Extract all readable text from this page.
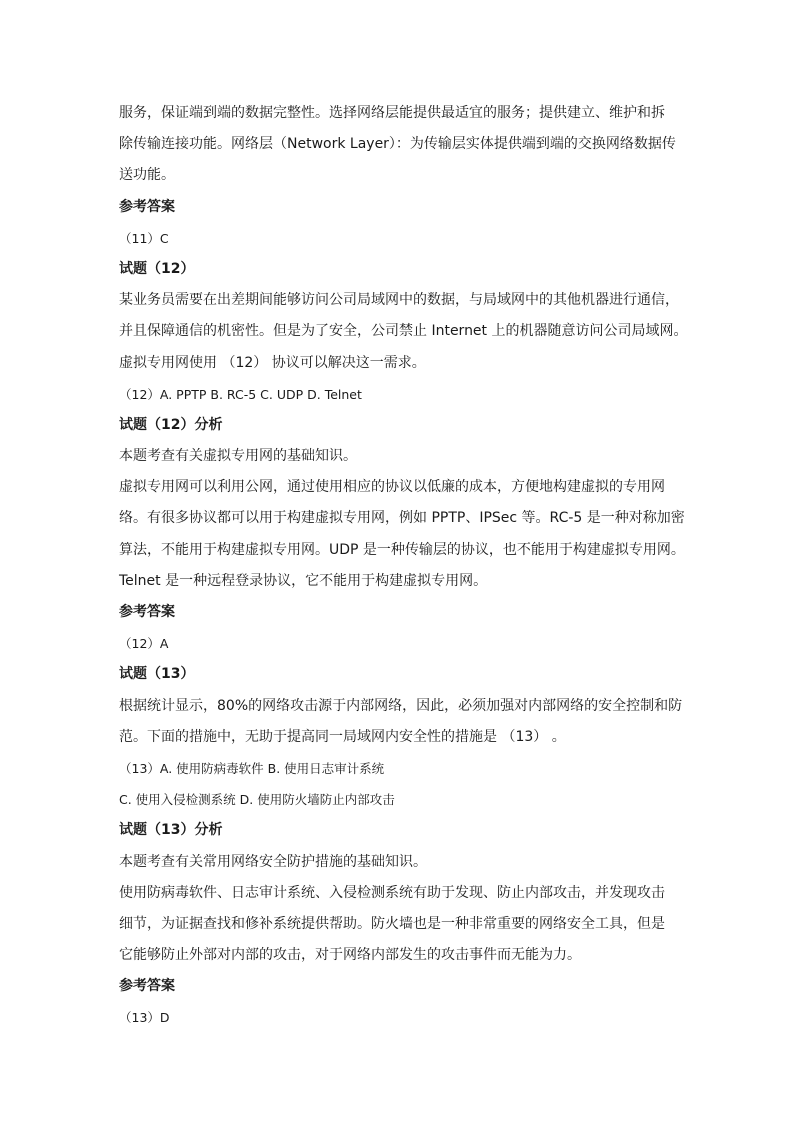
服务，保证端到端的数据完整性。选择网络层能提供最适宜的服务；提供建立、维护和拆
除传输连接功能。网络层（Network Layer）：为传输层实体提供端到端的交换网络数据传
送功能。
参考答案
（11）C
试题（12）
某业务员需要在出差期间能够访问公司局域网中的数据，与局域网中的其他机器进行通信，
并且保障通信的机密性。但是为了安全，公司禁止 Internet 上的机器随意访问公司局域网。
虚拟专用网使用 （12） 协议可以解决这一需求。
（12）A. PPTP B. RC-5 C. UDP D. Telnet
试题（12）分析
本题考查有关虚拟专用网的基础知识。
虚拟专用网可以利用公网，通过使用相应的协议以低廉的成本，方便地构建虚拟的专用网
络。有很多协议都可以用于构建虚拟专用网，例如 PPTP、IPSec 等。RC-5 是一种对称加密
算法，不能用于构建虚拟专用网。UDP 是一种传输层的协议，也不能用于构建虚拟专用网。
Telnet 是一种远程登录协议，它不能用于构建虚拟专用网。
参考答案
（12）A
试题（13）
根据统计显示，80%的网络攻击源于内部网络，因此，必须加强对内部网络的安全控制和防
范。下面的措施中，无助于提高同一局域网内安全性的措施是 （13） 。
（13）A. 使用防病毒软件 B. 使用日志审计系统
C. 使用入侵检测系统 D. 使用防火墙防止内部攻击
试题（13）分析
本题考查有关常用网络安全防护措施的基础知识。
使用防病毒软件、日志审计系统、入侵检测系统有助于发现、防止内部攻击，并发现攻击
细节，为证据查找和修补系统提供帮助。防火墙也是一种非常重要的网络安全工具，但是
它能够防止外部对内部的攻击，对于网络内部发生的攻击事件而无能为力。
参考答案
（13）D
